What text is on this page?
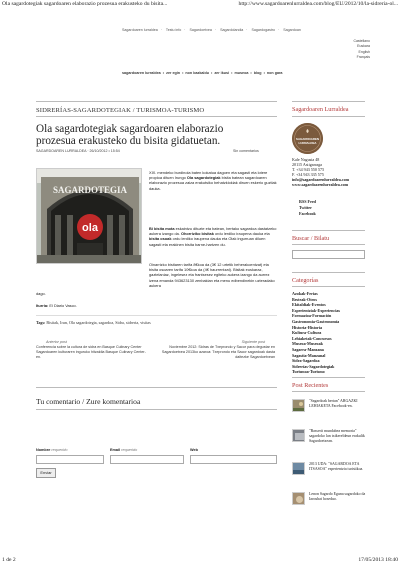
Ola sagardotegiak sagardoaren elaborazio prozesua erakusteko du bisita...	http://www.sagardoarenlurraldea.com/blog/EU/2012/10/la-sidreria-ol...
Sagardoaren lurraldea · Testu info · Sagardoetxea · Sagardolandia · Sagardogastro · Sagardoan
Castellano
Euskara
English
Français
sagardoaren lurraldea • zer egin • non bazkaldu • zer ikusi • museoa • blog • non gara
SIDRERÍAS-SAGARDOTEGIAK / TURISMOA-TURISMO
Ola sagardotegiak sagardoaren elaborazio prozesua erakusteko du bisita gidatuetan.
SAGARDOAREN LURRALDEA · 26/10/2012 • 15:54	Sin comentarios
SAGARDOTEGIA
ola

XIX. mendeko burdinola baten kokatua dagoen eta sagasti eta lotere propioa dituen Irungo Ola sagardotegiak bisita batean sagardoaren elaborazio prozesua zaiza erakutsiko behatzkiokiak diruen eskerio guztiak dauka.

Bi bisita mota eskaintzu dituzte eta batean, bertako sagardoa dastatzeko aukera izango da. Ohorriziko bisitak ordu lerdiko iraupena dauka eta bisita osoak ordu lerdiko iraupena dauka eta Olak ingurruan diluen sagasti eta erakinen bisita barne-hartzen du.

Oinarrizko bisitaren tarifa 8€koa da (3€ 12 urtetik beherakoentzat) eta bisita osoaren tarifa 10€koa da (4€ haurrentzat). Bisitak euskaraz, gaztelaniaz, ingelesez eta frantsesez egiteko aukera izango da aurrez izena emanda 943623130 zenbakian eta menu edbendinekin uzteradako aukera

dago.

Iturria: El Diario Vasco.

Tags: Bisitak, Irun, Ola sagardotegia, sagardoa, Sidra, sidreria, visitas
Anterior post
Conferencia sobre la cultura de sidra en Basque Culinary Center Sagardoaren kulturaren inguruko hitzaldia Basque Culinary Center-en.
Siguiente post
Noviembre 2012: Sidras de Txeprondo y Sacor para degustar en Sagardoetxea 2013ko azaroa: Txeprondo eta Sacor sagardoak dasta daitezke Sagardoetxean
Tu comentario / Zure komentarioa
Nombre requerido	Email requerido	Web
Enviar
Sagardoaren Lurraldea
SAGARDOAREN
LURRALDEA
Kale Nagusia 48
20115 Astigarraga
T. +34 943 550 575
F. +34 943 335 575
info@sagardoarenlurraldea.com
www.sagardoarenlurraldea.com
RSS Feed
Twitter
Facebook
Buscar / Bilatu
Categorías
Azokak-Ferias
Besteak-Otros
Ekitaldiak-Eventos
Esperientziak-Experiencias
Formazioa-Formación
Gastronomía-Gastronomía
Historia-Historia
Kultura-Cultura
Lehiaketak-Concursos
Museoa-Museoak
Sagarra-Manzana
Sagastia-Manzanal
Sidra-Sagardoa
Sidrerías-Sagardotegiak
Turismoa-Turismo
Post Recientes
"Sagardoak bertan" ARGAZKI LEHIAKETA Facebook-en.
"Basserit mundabea memoria" sagardoko lan txikereldeun erakulik Sagardoetxean.
2013 UDA: "SAGARDOA ETA ITSASOA" esperientzia turistikoa.
Lenon Sagardo Egunа sagardoko da Iaroubat hoseduo.
1 de 2	17/05/2013 18:40
